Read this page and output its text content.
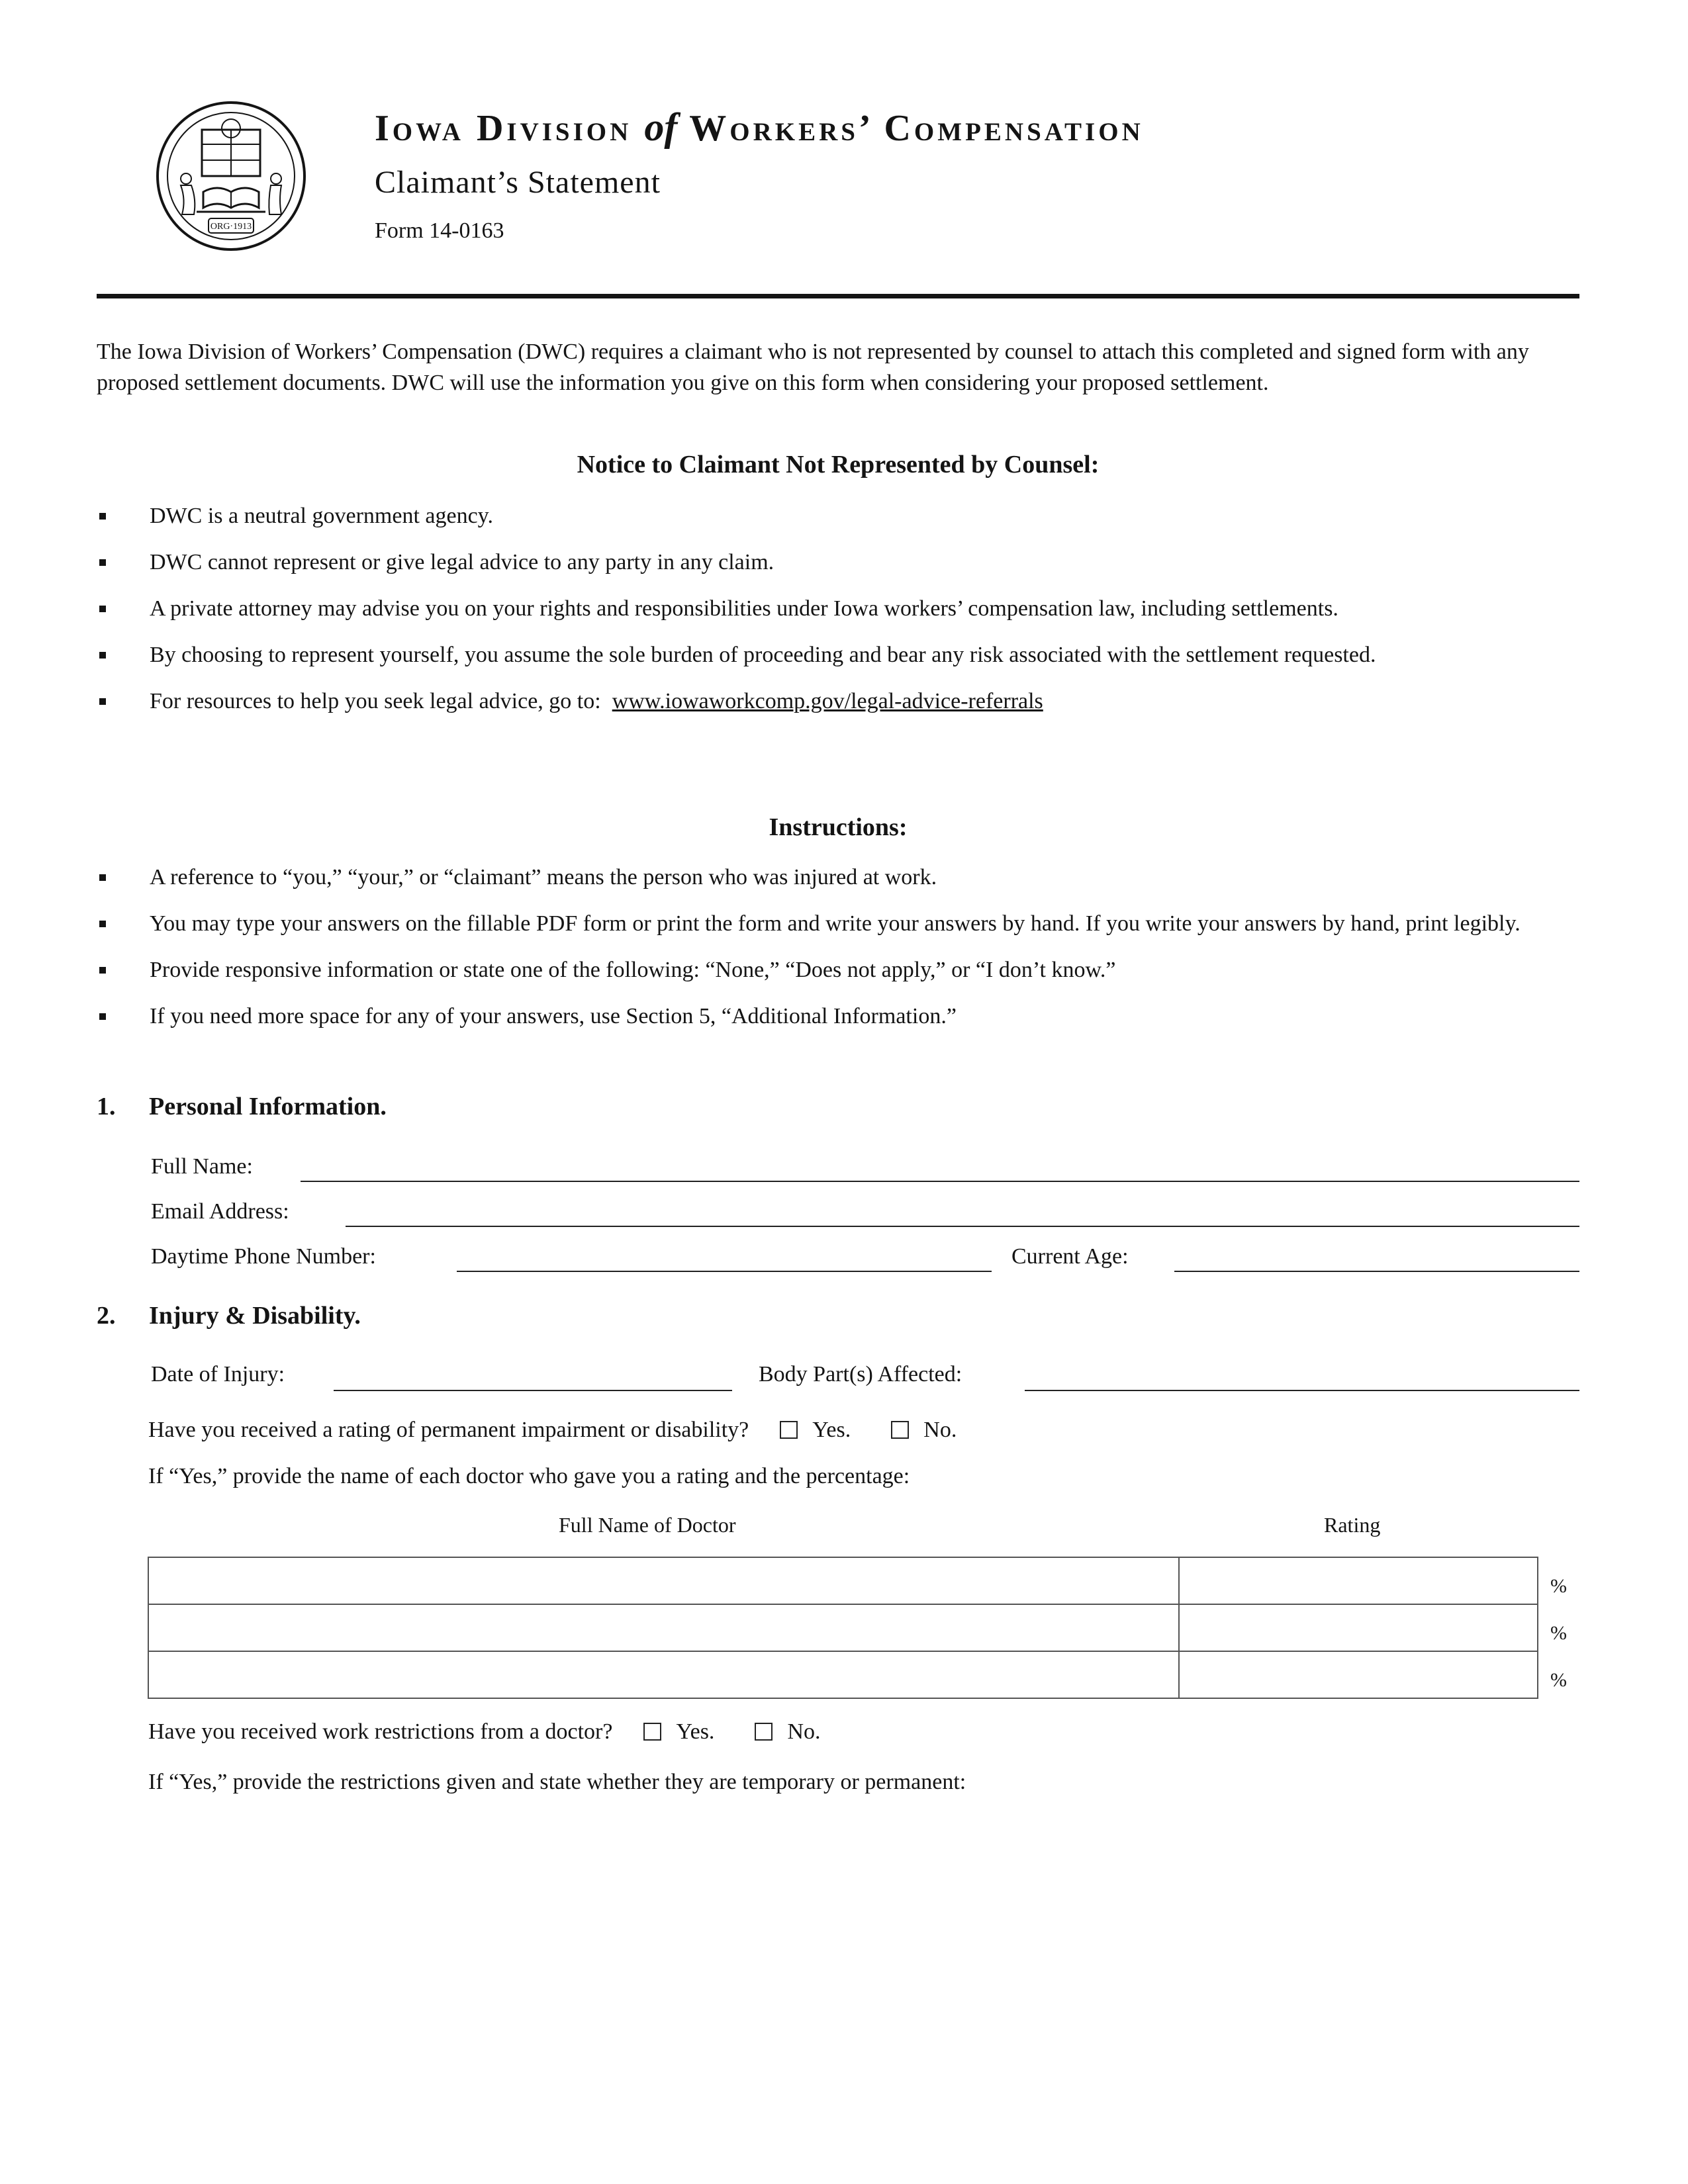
ORG·1913
Iowa Division of Workers’ Compensation
Claimant’s Statement
Form 14-0163
The Iowa Division of Workers’ Compensation (DWC) requires a claimant who is not represented by counsel to attach this completed and signed form with any proposed settlement documents. DWC will use the information you give on this form when considering your proposed settlement.
Notice to Claimant Not Represented by Counsel:
DWC is a neutral government agency.
DWC cannot represent or give legal advice to any party in any claim.
A private attorney may advise you on your rights and responsibilities under Iowa workers’ compensation law, including settlements.
By choosing to represent yourself, you assume the sole burden of proceeding and bear any risk associated with the settlement requested.
For resources to help you seek legal advice, go to: www.iowaworkcomp.gov/legal-advice-referrals
Instructions:
A reference to “you,” “your,” or “claimant” means the person who was injured at work.
You may type your answers on the fillable PDF form or print the form and write your answers by hand. If you write your answers by hand, print legibly.
Provide responsive information or state one of the following: “None,” “Does not apply,” or “I don’t know.”
If you need more space for any of your answers, use Section 5, “Additional Information.”
1. Personal Information.
Full Name:
Email Address:
Daytime Phone Number:	Current Age:
2. Injury & Disability.
Date of Injury:	Body Part(s) Affected:
Have you received a rating of permanent impairment or disability?	Yes.	No.
If “Yes,” provide the name of each doctor who gave you a rating and the percentage:
Full Name of Doctor	Rating

%
%
%
Have you received work restrictions from a doctor?	Yes.	No.
If “Yes,” provide the restrictions given and state whether they are temporary or permanent:
